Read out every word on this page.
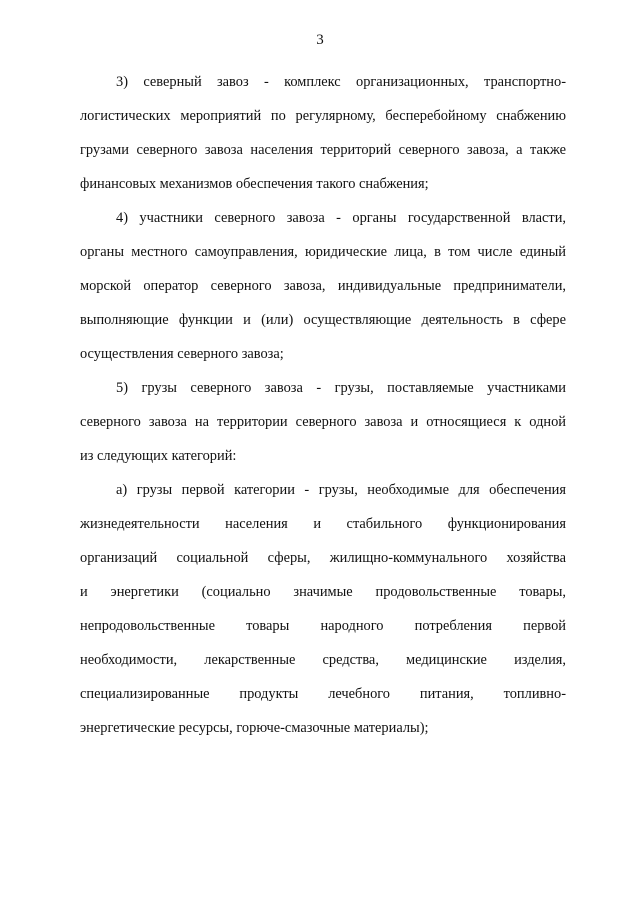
3
3) северный завоз - комплекс организационных, транспортно-
логистических мероприятий по регулярному, бесперебойному снабжению
грузами северного завоза населения территорий северного завоза, а также
финансовых механизмов обеспечения такого снабжения;
4) участники северного завоза - органы государственной власти,
органы местного самоуправления, юридические лица, в том числе единый
морской оператор северного завоза, индивидуальные предприниматели,
выполняющие функции и (или) осуществляющие деятельность в сфере
осуществления северного завоза;
5) грузы северного завоза - грузы, поставляемые участниками
северного завоза на территории северного завоза и относящиеся к одной
из следующих категорий:
а) грузы первой категории - грузы, необходимые для обеспечения
жизнедеятельности населения и стабильного функционирования
организаций социальной сферы, жилищно-коммунального хозяйства
и энергетики (социально значимые продовольственные товары,
непродовольственные товары народного потребления первой
необходимости, лекарственные средства, медицинские изделия,
специализированные продукты лечебного питания, топливно-
энергетические ресурсы, горюче-смазочные материалы);
